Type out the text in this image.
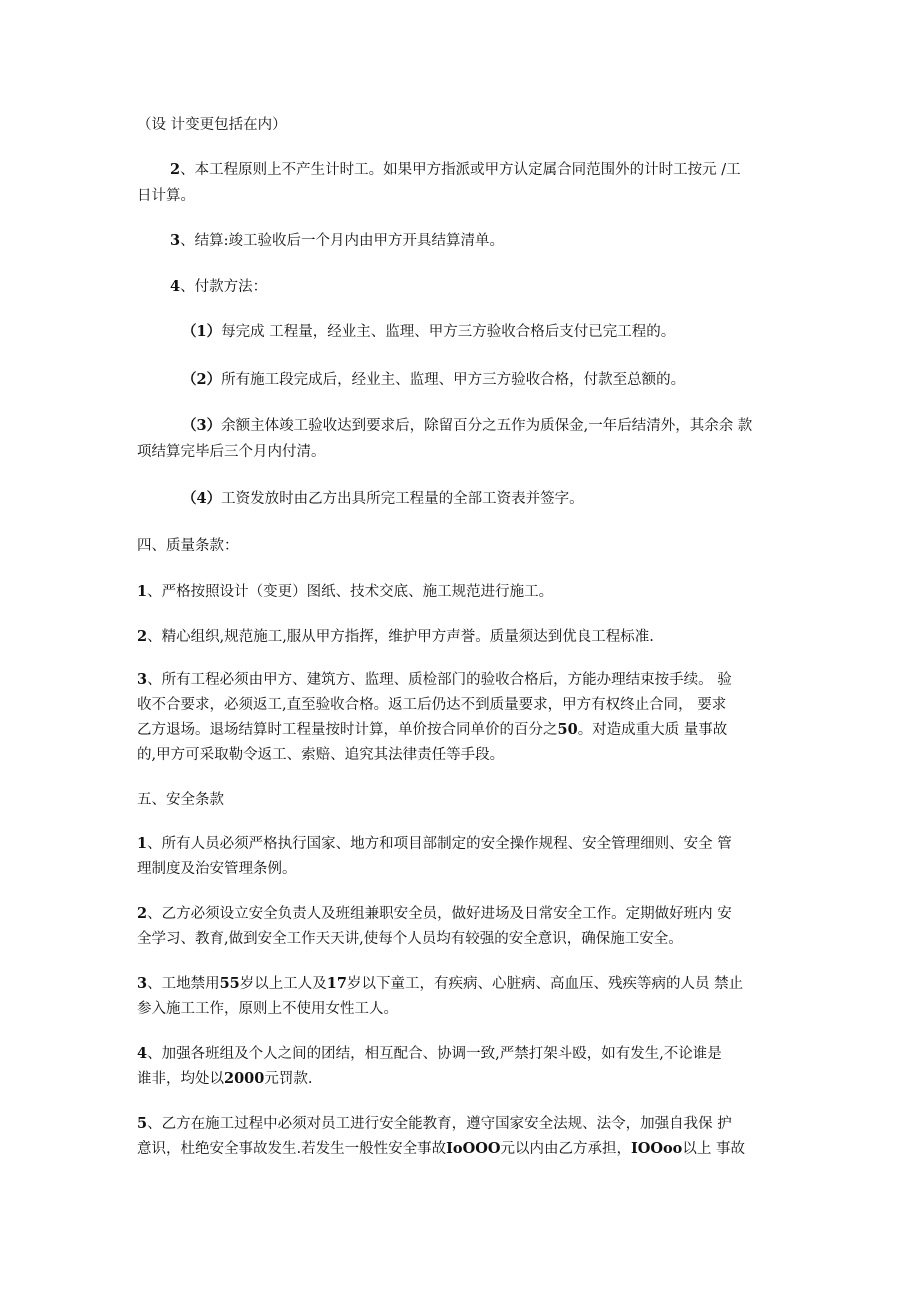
（设 计变更包括在内）

2、本工程原则上不产生计时工。如果甲方指派或甲方认定属合同范围外的计时工按元 /工

日计算。

3、结算:竣工验收后一个月内由甲方开具结算清单。

4、付款方法：

（1）每完成 工程量，经业主、监理、甲方三方验收合格后支付已完工程的。

（2）所有施工段完成后，经业主、监理、甲方三方验收合格，付款至总额的。

（3）余额主体竣工验收达到要求后，除留百分之五作为质保金,一年后结清外，其余余 款

项结算完毕后三个月内付清。

（4）工资发放时由乙方出具所完工程量的全部工资表并签字。

四、质量条款：

1、严格按照设计（变更）图纸、技术交底、施工规范进行施工。

2、精心组织,规范施工,服从甲方指挥，维护甲方声誉。质量须达到优良工程标准.

3、所有工程必须由甲方、建筑方、监理、质检部门的验收合格后，方能办理结束按手续。 验

收不合要求，必须返工,直至验收合格。返工后仍达不到质量要求，甲方有权终止合同， 要求

乙方退场。退场结算时工程量按时计算，单价按合同单价的百分之50。对造成重大质 量事故

的,甲方可采取勒令返工、索赔、追究其法律责任等手段。

五、安全条款

1、所有人员必须严格执行国家、地方和项目部制定的安全操作规程、安全管理细则、安全 管

理制度及治安管理条例。

2、乙方必须设立安全负责人及班组兼职安全员，做好进场及日常安全工作。定期做好班内 安

全学习、教育,做到安全工作天天讲,使每个人员均有较强的安全意识，确保施工安全。

3、工地禁用55岁以上工人及17岁以下童工，有疾病、心脏病、高血压、残疾等病的人员 禁止

参入施工工作，原则上不使用女性工人。

4、加强各班组及个人之间的团结，相互配合、协调一致,严禁打架斗殴，如有发生,不论谁是

谁非，均处以2000元罚款.

5、乙方在施工过程中必须对员工进行安全能教育，遵守国家安全法规、法令，加强自我保 护

意识，杜绝安全事故发生.若发生一般性安全事故IoOOO元以内由乙方承担，IOOoo以上 事故
